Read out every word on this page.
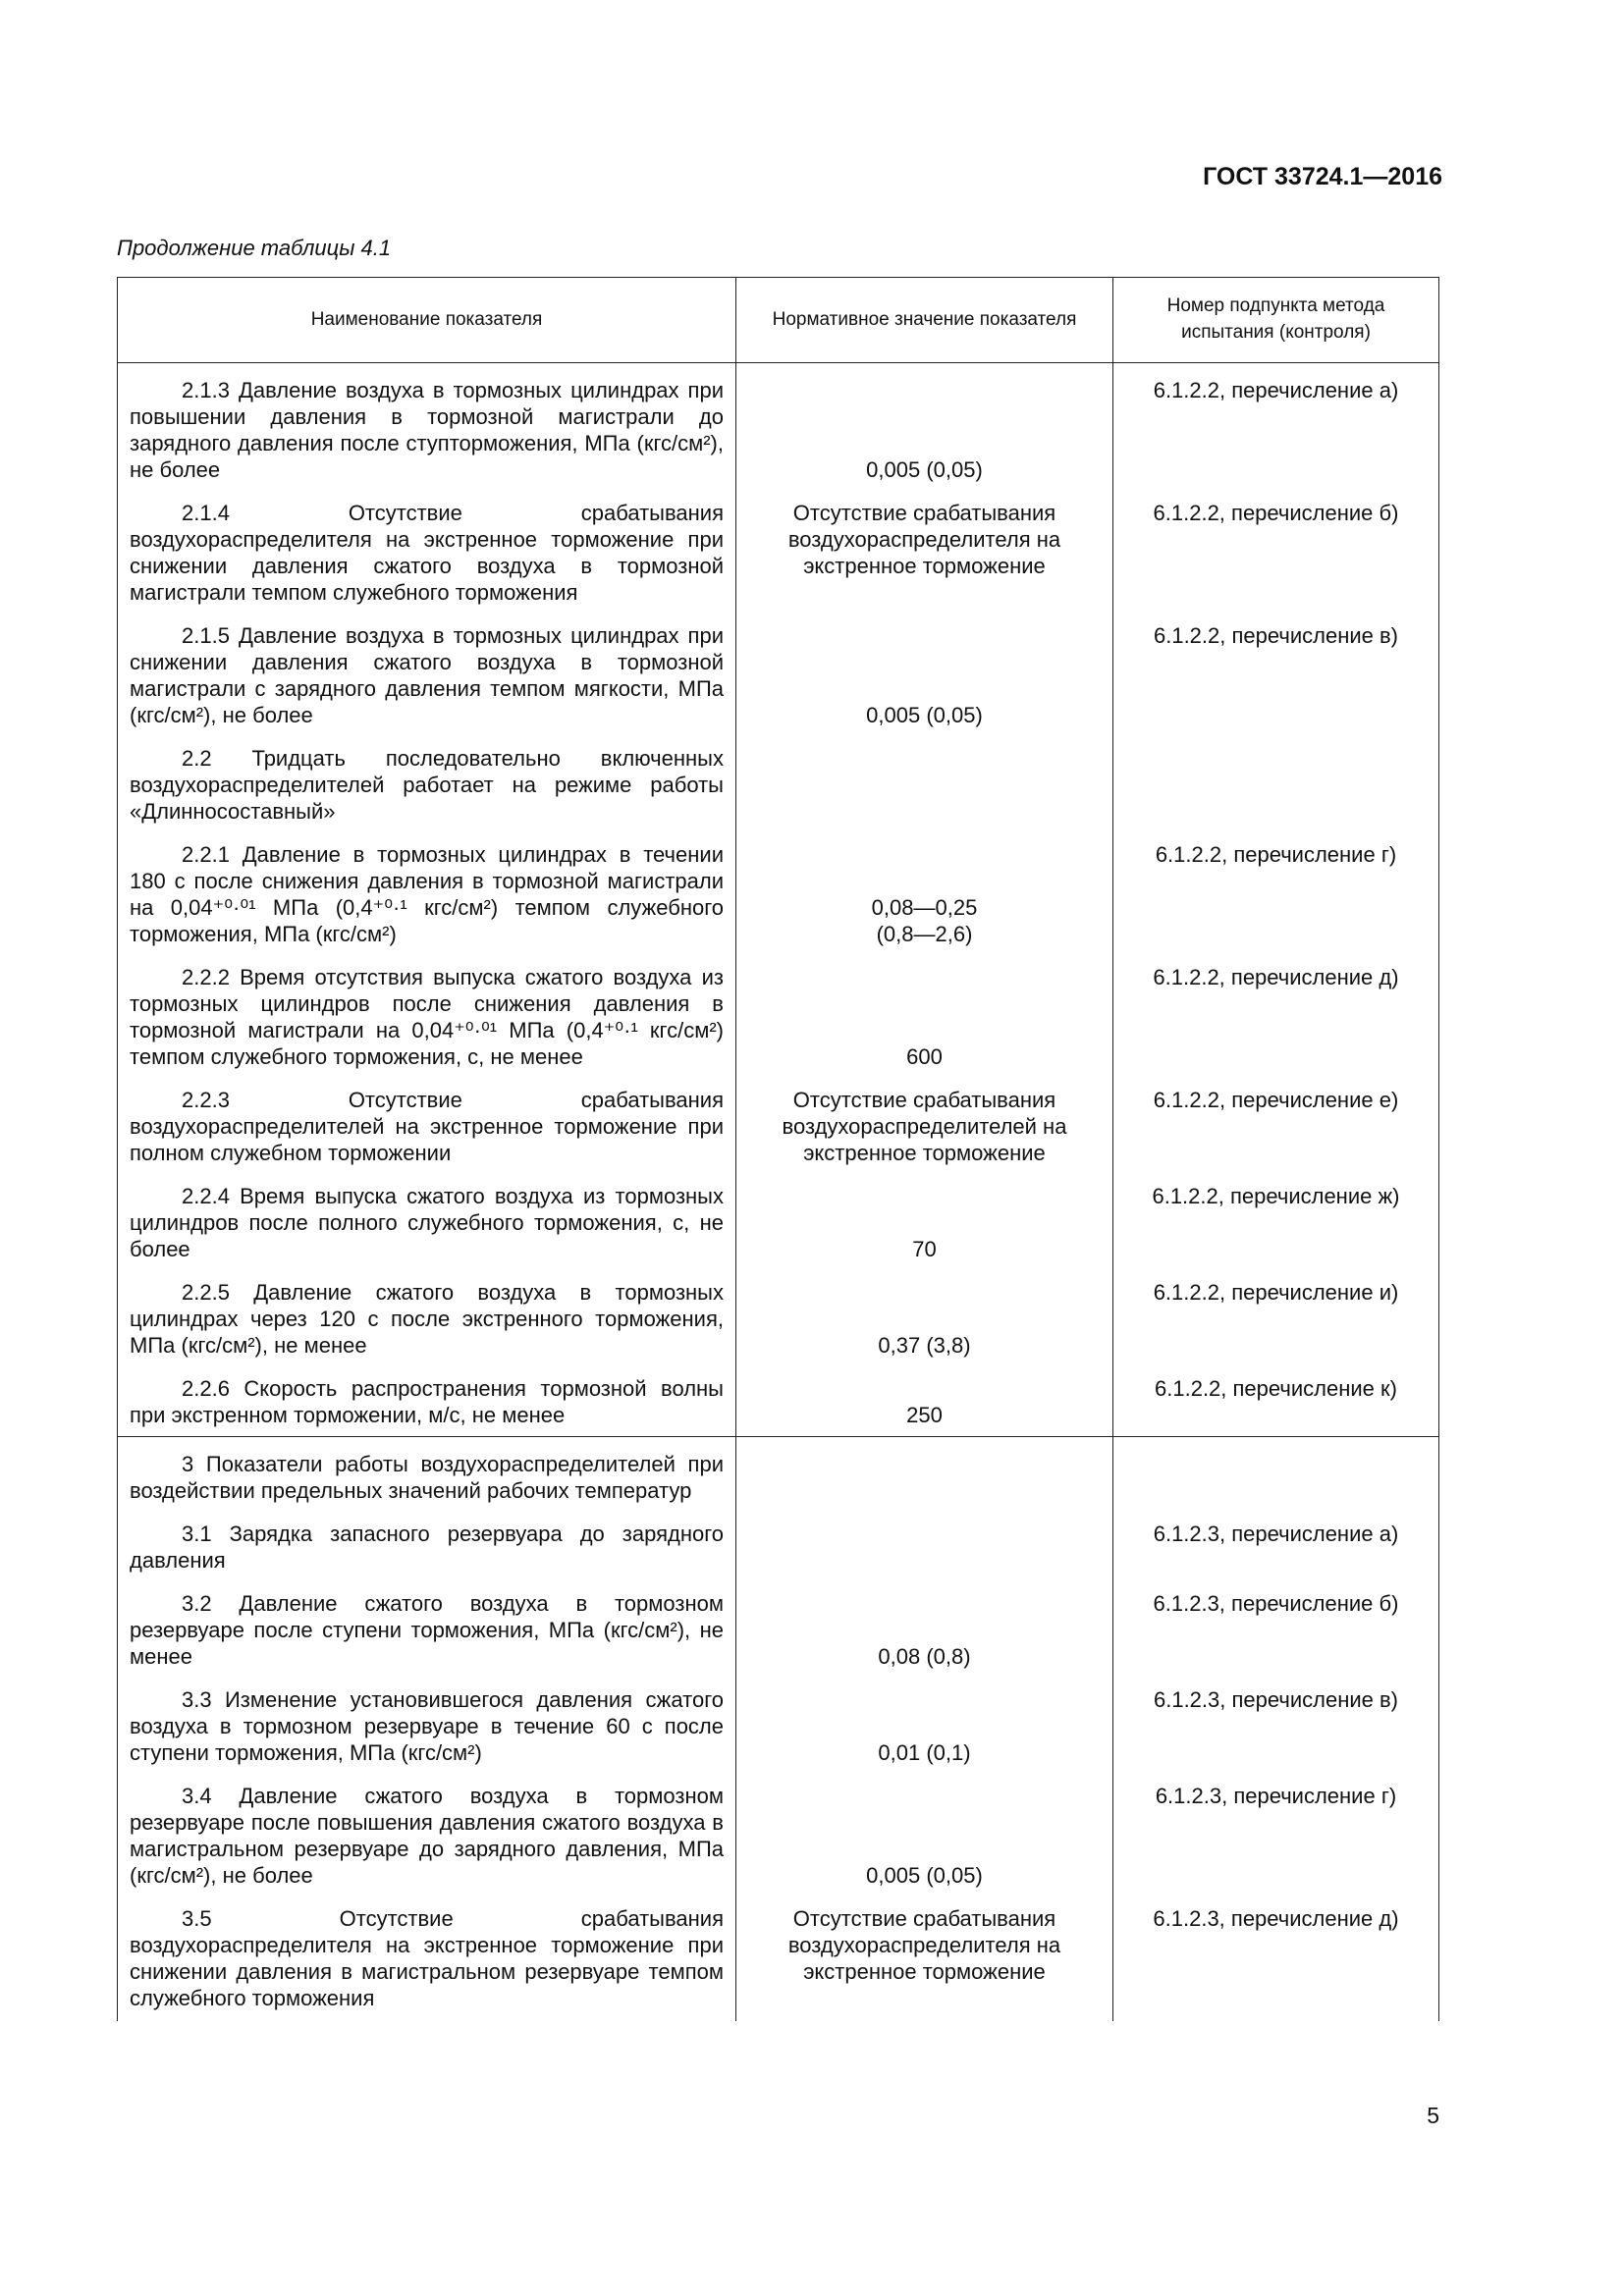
ГОСТ 33724.1—2016
Продолжение таблицы 4.1
Наименование показателя	Нормативное значение показателя	Номер подпункта метода испытания (контроля)

2.1.3 Давление воздуха в тормозных цилиндрах при повышении давления в тормозной магистрали до зарядного давления после ступторможения, МПа (кгс/см²), не более	0,005 (0,05)	6.1.2.2, перечисление а)

2.1.4 Отсутствие срабатывания воздухораспределителя на экстренное торможение при снижении давления сжатого воздуха в тормозной магистрали темпом служебного торможения	Отсутствие срабатывания воздухораспределителя на экстренное торможение	6.1.2.2, перечисление б)

2.1.5 Давление воздуха в тормозных цилиндрах при снижении давления сжатого воздуха в тормозной магистрали с зарядного давления темпом мягкости, МПа (кгс/см²), не более	0,005 (0,05)	6.1.2.2, перечисление в)

2.2 Тридцать последовательно включенных воздухораспределителей работает на режиме работы «Длинносоставный»		

2.2.1 Давление в тормозных цилиндрах в течении 180 с после снижения давления в тормозной магистрали на 0,04⁺⁰·⁰¹ МПа (0,4⁺⁰·¹ кгс/см²) темпом служебного торможения, МПа (кгс/см²)	0,08—0,25
(0,8—2,6)	6.1.2.2, перечисление г)

2.2.2 Время отсутствия выпуска сжатого воздуха из тормозных цилиндров после снижения давления в тормозной магистрали на 0,04⁺⁰·⁰¹ МПа (0,4⁺⁰·¹ кгс/см²) темпом служебного торможения, с, не менее	600	6.1.2.2, перечисление д)

2.2.3 Отсутствие срабатывания воздухораспределителей на экстренное торможение при полном служебном торможении	Отсутствие срабатывания воздухораспределителей на экстренное торможение	6.1.2.2, перечисление е)

2.2.4 Время выпуска сжатого воздуха из тормозных цилиндров после полного служебного торможения, с, не более	70	6.1.2.2, перечисление ж)

2.2.5 Давление сжатого воздуха в тормозных цилиндрах через 120 с после экстренного торможения, МПа (кгс/см²), не менее	0,37 (3,8)	6.1.2.2, перечисление и)

2.2.6 Скорость распространения тормозной волны при экстренном торможении, м/с, не менее	250	6.1.2.2, перечисление к)

3 Показатели работы воздухораспределителей при воздействии предельных значений рабочих температур		

3.1 Зарядка запасного резервуара до зарядного давления		6.1.2.3, перечисление а)

3.2 Давление сжатого воздуха в тормозном резервуаре после ступени торможения, МПа (кгс/см²), не менее	0,08 (0,8)	6.1.2.3, перечисление б)

3.3 Изменение установившегося давления сжатого воздуха в тормозном резервуаре в течение 60 с после ступени торможения, МПа (кгс/см²)	0,01 (0,1)	6.1.2.3, перечисление в)

3.4 Давление сжатого воздуха в тормозном резервуаре после повышения давления сжатого воздуха в магистральном резервуаре до зарядного давления, МПа (кгс/см²), не более	0,005 (0,05)	6.1.2.3, перечисление г)

3.5 Отсутствие срабатывания воздухораспределителя на экстренное торможение при снижении давления в магистральном резервуаре темпом служебного торможения	Отсутствие срабатывания воздухораспределителя на экстренное торможение	6.1.2.3, перечисление д)
5
